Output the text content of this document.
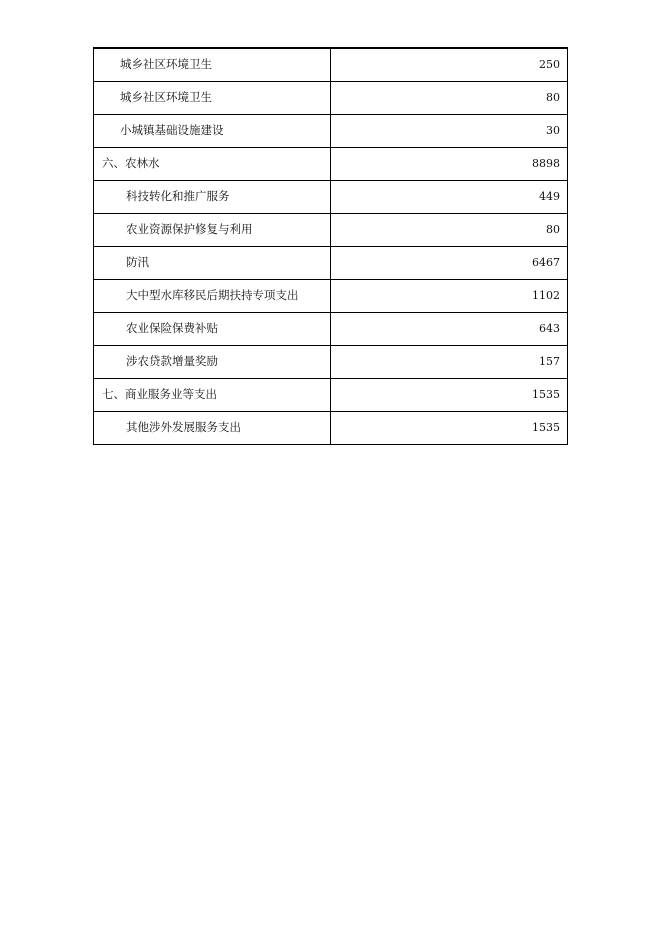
城乡社区环境卫生	250
城乡社区环境卫生	80
小城镇基础设施建设	30
六、农林水	8898
科技转化和推广服务	449
农业资源保护修复与利用	80
防汛	6467
大中型水库移民后期扶持专项支出	1102
农业保险保费补贴	643
涉农贷款增量奖励	157
七、商业服务业等支出	1535
其他涉外发展服务支出	1535
